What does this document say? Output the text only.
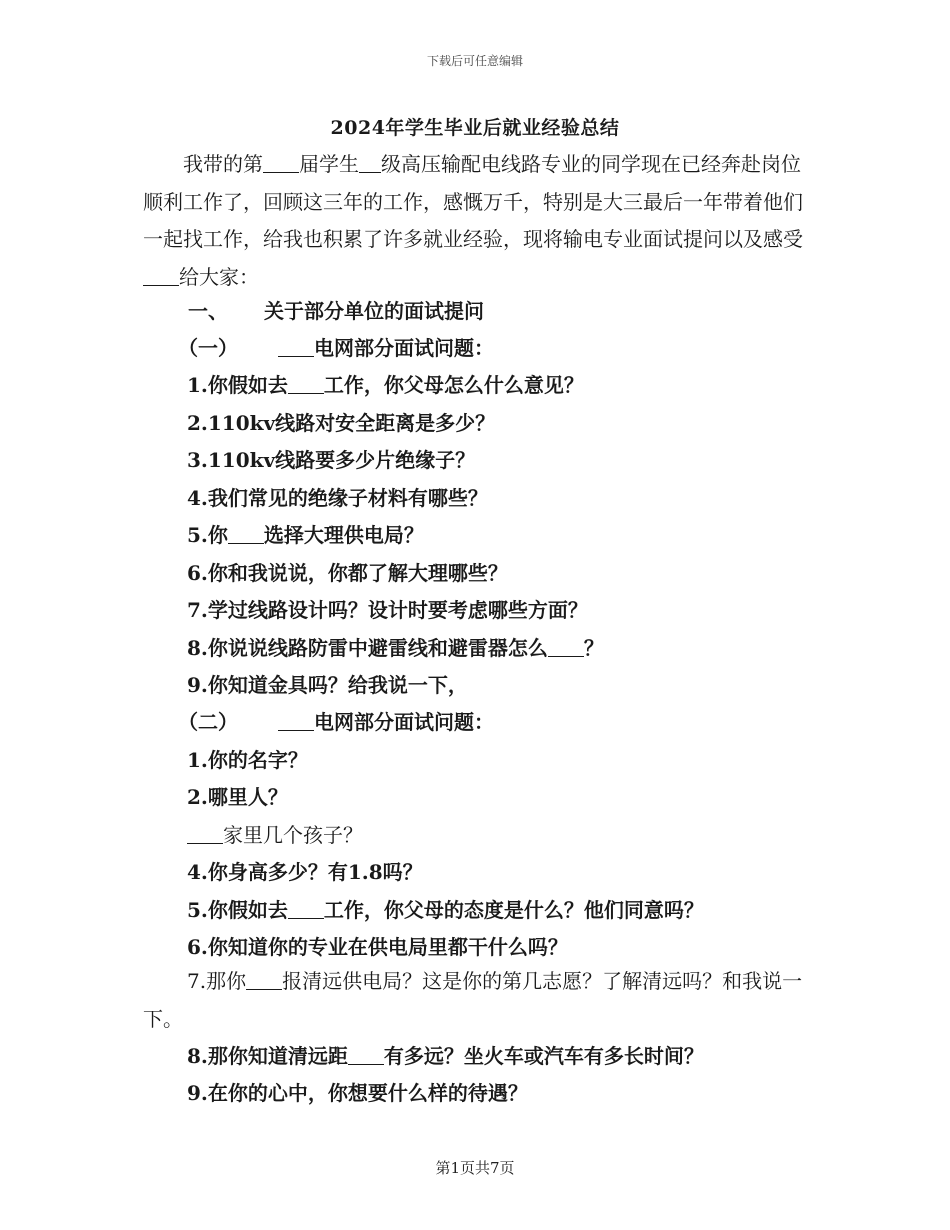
下载后可任意编辑
2024年学生毕业后就业经验总结
我带的第 届学生 级高压输配电线路专业的同学现在已经奔赴岗位顺利工作了，回顾这三年的工作，感慨万千，特别是大三最后一年带着他们一起找工作，给我也积累了许多就业经验，现将输电专业面试提问以及感受给大家：
一、 关于部分单位的面试提问
（一）	电网部分面试问题：
1.你假如去 工作，你父母怎么什么意见？
2.110kv线路对安全距离是多少？
3.110kv线路要多少片绝缘子？
4.我们常见的绝缘子材料有哪些？
5.你 选择大理供电局？
6.你和我说说，你都了解大理哪些？
7.学过线路设计吗？设计时要考虑哪些方面？
8.你说说线路防雷中避雷线和避雷器怎么 ？
9.你知道金具吗？给我说一下，
（二）	电网部分面试问题：
1.你的名字？
2.哪里人？
家里几个孩子？
4.你身高多少？有1.8吗？
5.你假如去 工作，你父母的态度是什么？他们同意吗？
6.你知道你的专业在供电局里都干什么吗？
7.那你 报清远供电局？这是你的第几志愿？了解清远吗？和我说一下。
8.那你知道清远距 有多远？坐火车或汽车有多长时间？
9.在你的心中，你想要什么样的待遇？
第1页共7页
